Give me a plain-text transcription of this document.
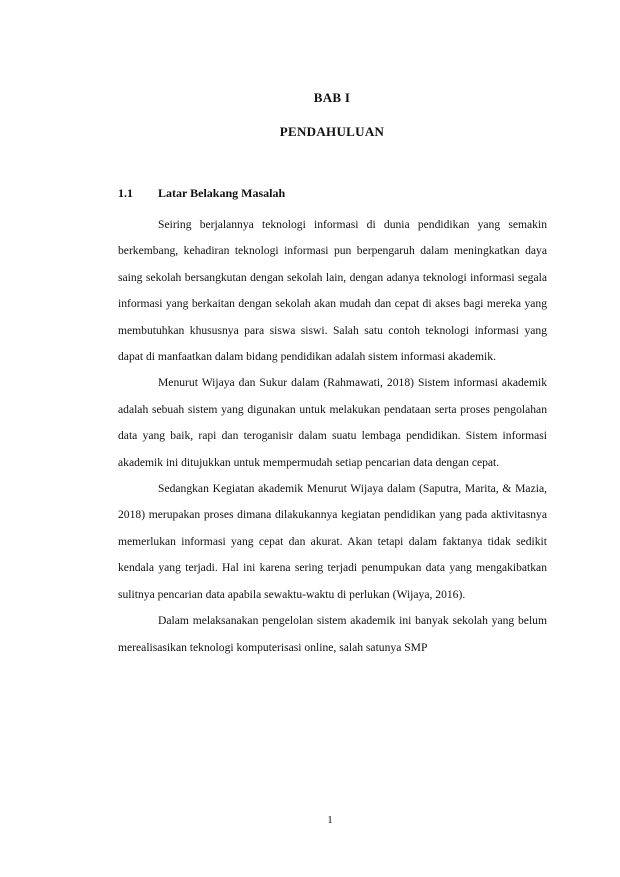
BAB I
PENDAHULUAN
1.1 Latar Belakang Masalah

Seiring berjalannya teknologi informasi di dunia pendidikan yang semakin berkembang, kehadiran teknologi informasi pun berpengaruh dalam meningkatkan daya saing sekolah bersangkutan dengan sekolah lain, dengan adanya teknologi informasi segala informasi yang berkaitan dengan sekolah akan mudah dan cepat di akses bagi mereka yang membutuhkan khususnya para siswa siswi. Salah satu contoh teknologi informasi yang dapat di manfaatkan dalam bidang pendidikan adalah sistem informasi akademik.

Menurut Wijaya dan Sukur dalam (Rahmawati, 2018) Sistem informasi akademik adalah sebuah sistem yang digunakan untuk melakukan pendataan serta proses pengolahan data yang baik, rapi dan teroganisir dalam suatu lembaga pendidikan. Sistem informasi akademik ini ditujukkan untuk mempermudah setiap pencarian data dengan cepat.

Sedangkan Kegiatan akademik Menurut Wijaya dalam (Saputra, Marita, & Mazia, 2018) merupakan proses dimana dilakukannya kegiatan pendidikan yang pada aktivitasnya memerlukan informasi yang cepat dan akurat. Akan tetapi dalam faktanya tidak sedikit kendala yang terjadi. Hal ini karena sering terjadi penumpukan data yang mengakibatkan sulitnya pencarian data apabila sewaktu-waktu di perlukan (Wijaya, 2016).

Dalam melaksanakan pengelolan sistem akademik ini banyak sekolah yang belum merealisasikan teknologi komputerisasi online, salah satunya SMP

1
